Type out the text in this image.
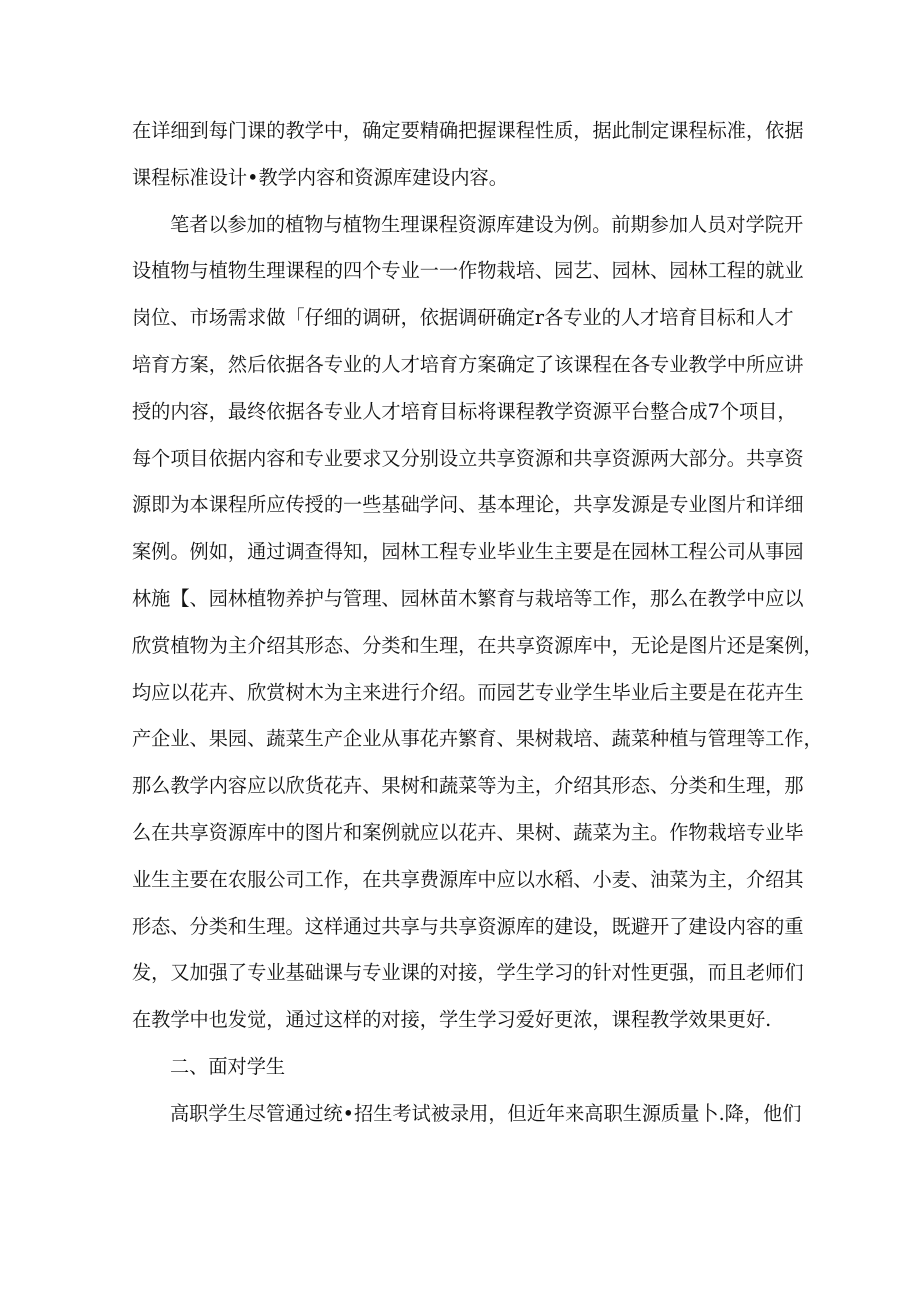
在详细到每门课的教学中，确定要精确把握课程性质，据此制定课程标准，依据
课程标准设计•教学内容和资源库建设内容。

笔者以参加的植物与植物生理课程资源库建设为例。前期参加人员对学院开
设植物与植物生理课程的四个专业一一作物栽培、园艺、园林、园林工程的就业
岗位、市场需求做「仔细的调研，依据调研确定r各专业的人才培育目标和人才
培育方案，然后依据各专业的人才培育方案确定了该课程在各专业教学中所应讲
授的内容，最终依据各专业人才培育目标将课程教学资源平台整合成7个项目，
每个项目依据内容和专业要求又分别设立共享资源和共享资源两大部分。共享资
源即为本课程所应传授的一些基础学问、基本理论，共享发源是专业图片和详细
案例。例如，通过调查得知，园林工程专业毕业生主要是在园林工程公司从事园
林施【、园林植物养护与管理、园林苗木繁育与栽培等工作，那么在教学中应以
欣赏植物为主介绍其形态、分类和生理，在共享资源库中，无论是图片还是案例，
均应以花卉、欣赏树木为主来进行介绍。而园艺专业学生毕业后主要是在花卉生
产企业、果园、蔬菜生产企业从事花卉繁育、果树栽培、蔬菜种植与管理等工作，
那么教学内容应以欣货花卉、果树和蔬菜等为主，介绍其形态、分类和生理，那
么在共享资源库中的图片和案例就应以花卉、果树、蔬菜为主。作物栽培专业毕
业生主要在农服公司工作，在共享费源库中应以水稻、小麦、油菜为主，介绍其
形态、分类和生理。这样通过共享与共享资源库的建设，既避开了建设内容的重
发，又加强了专业基础课与专业课的对接，学生学习的针对性更强，而且老师们
在教学中也发觉，通过这样的对接，学生学习爱好更浓，课程教学效果更好.

二、面对学生

高职学生尽管通过统•招生考试被录用，但近年来高职生源质量卜.降，他们
